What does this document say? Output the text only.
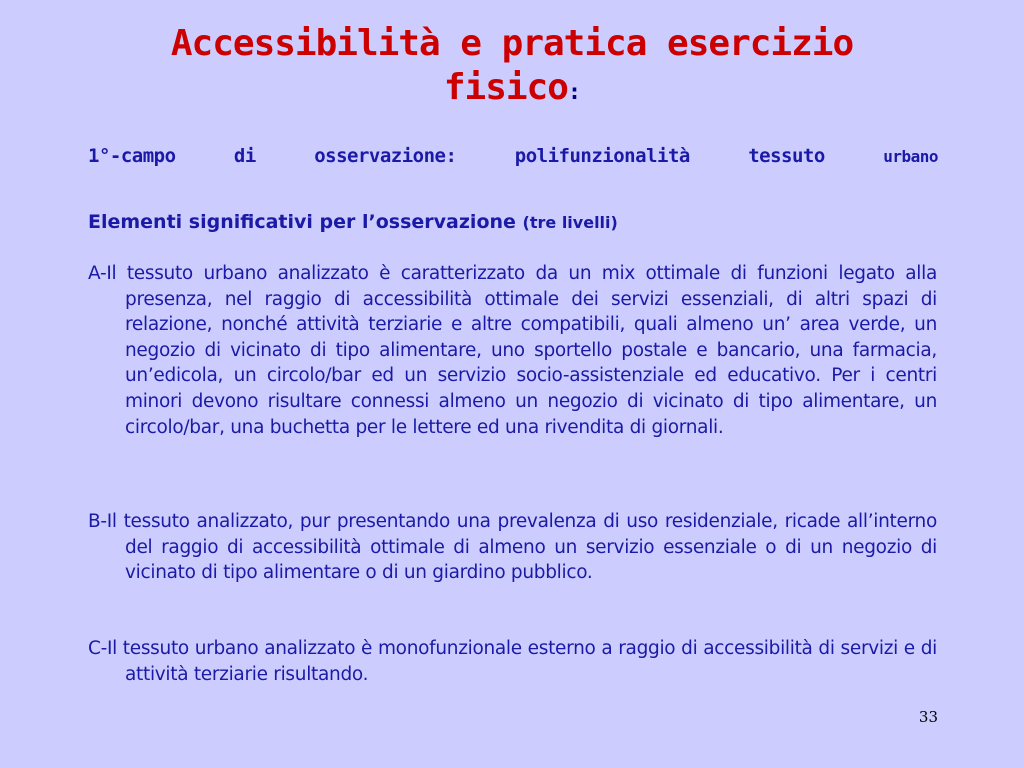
Accessibilità e pratica esercizio fisico:
1°-campo	di	osservazione:	polifunzionalità	tessuto	urbano
Elementi significativi per l’osservazione (tre livelli)

A-Il tessuto urbano analizzato è caratterizzato da un mix ottimale di funzioni legato alla presenza, nel raggio di accessibilità ottimale dei servizi essenziali, di altri spazi di relazione, nonché attività terziarie e altre compatibili, quali almeno un’ area verde, un negozio di vicinato di tipo alimentare, uno sportello postale e bancario, una farmacia, un’edicola, un circolo/bar ed un servizio socio-assistenziale ed educativo. Per i centri minori devono risultare connessi almeno un negozio di vicinato di tipo alimentare, un circolo/bar, una buchetta per le lettere ed una rivendita di giornali.

B-Il tessuto analizzato, pur presentando una prevalenza di uso residenziale, ricade all’interno del raggio di accessibilità ottimale di almeno un servizio essenziale o di un negozio di vicinato di tipo alimentare o di un giardino pubblico.

C-Il tessuto urbano analizzato è monofunzionale esterno a raggio di accessibilità di servizi e di attività terziarie risultando.

33
